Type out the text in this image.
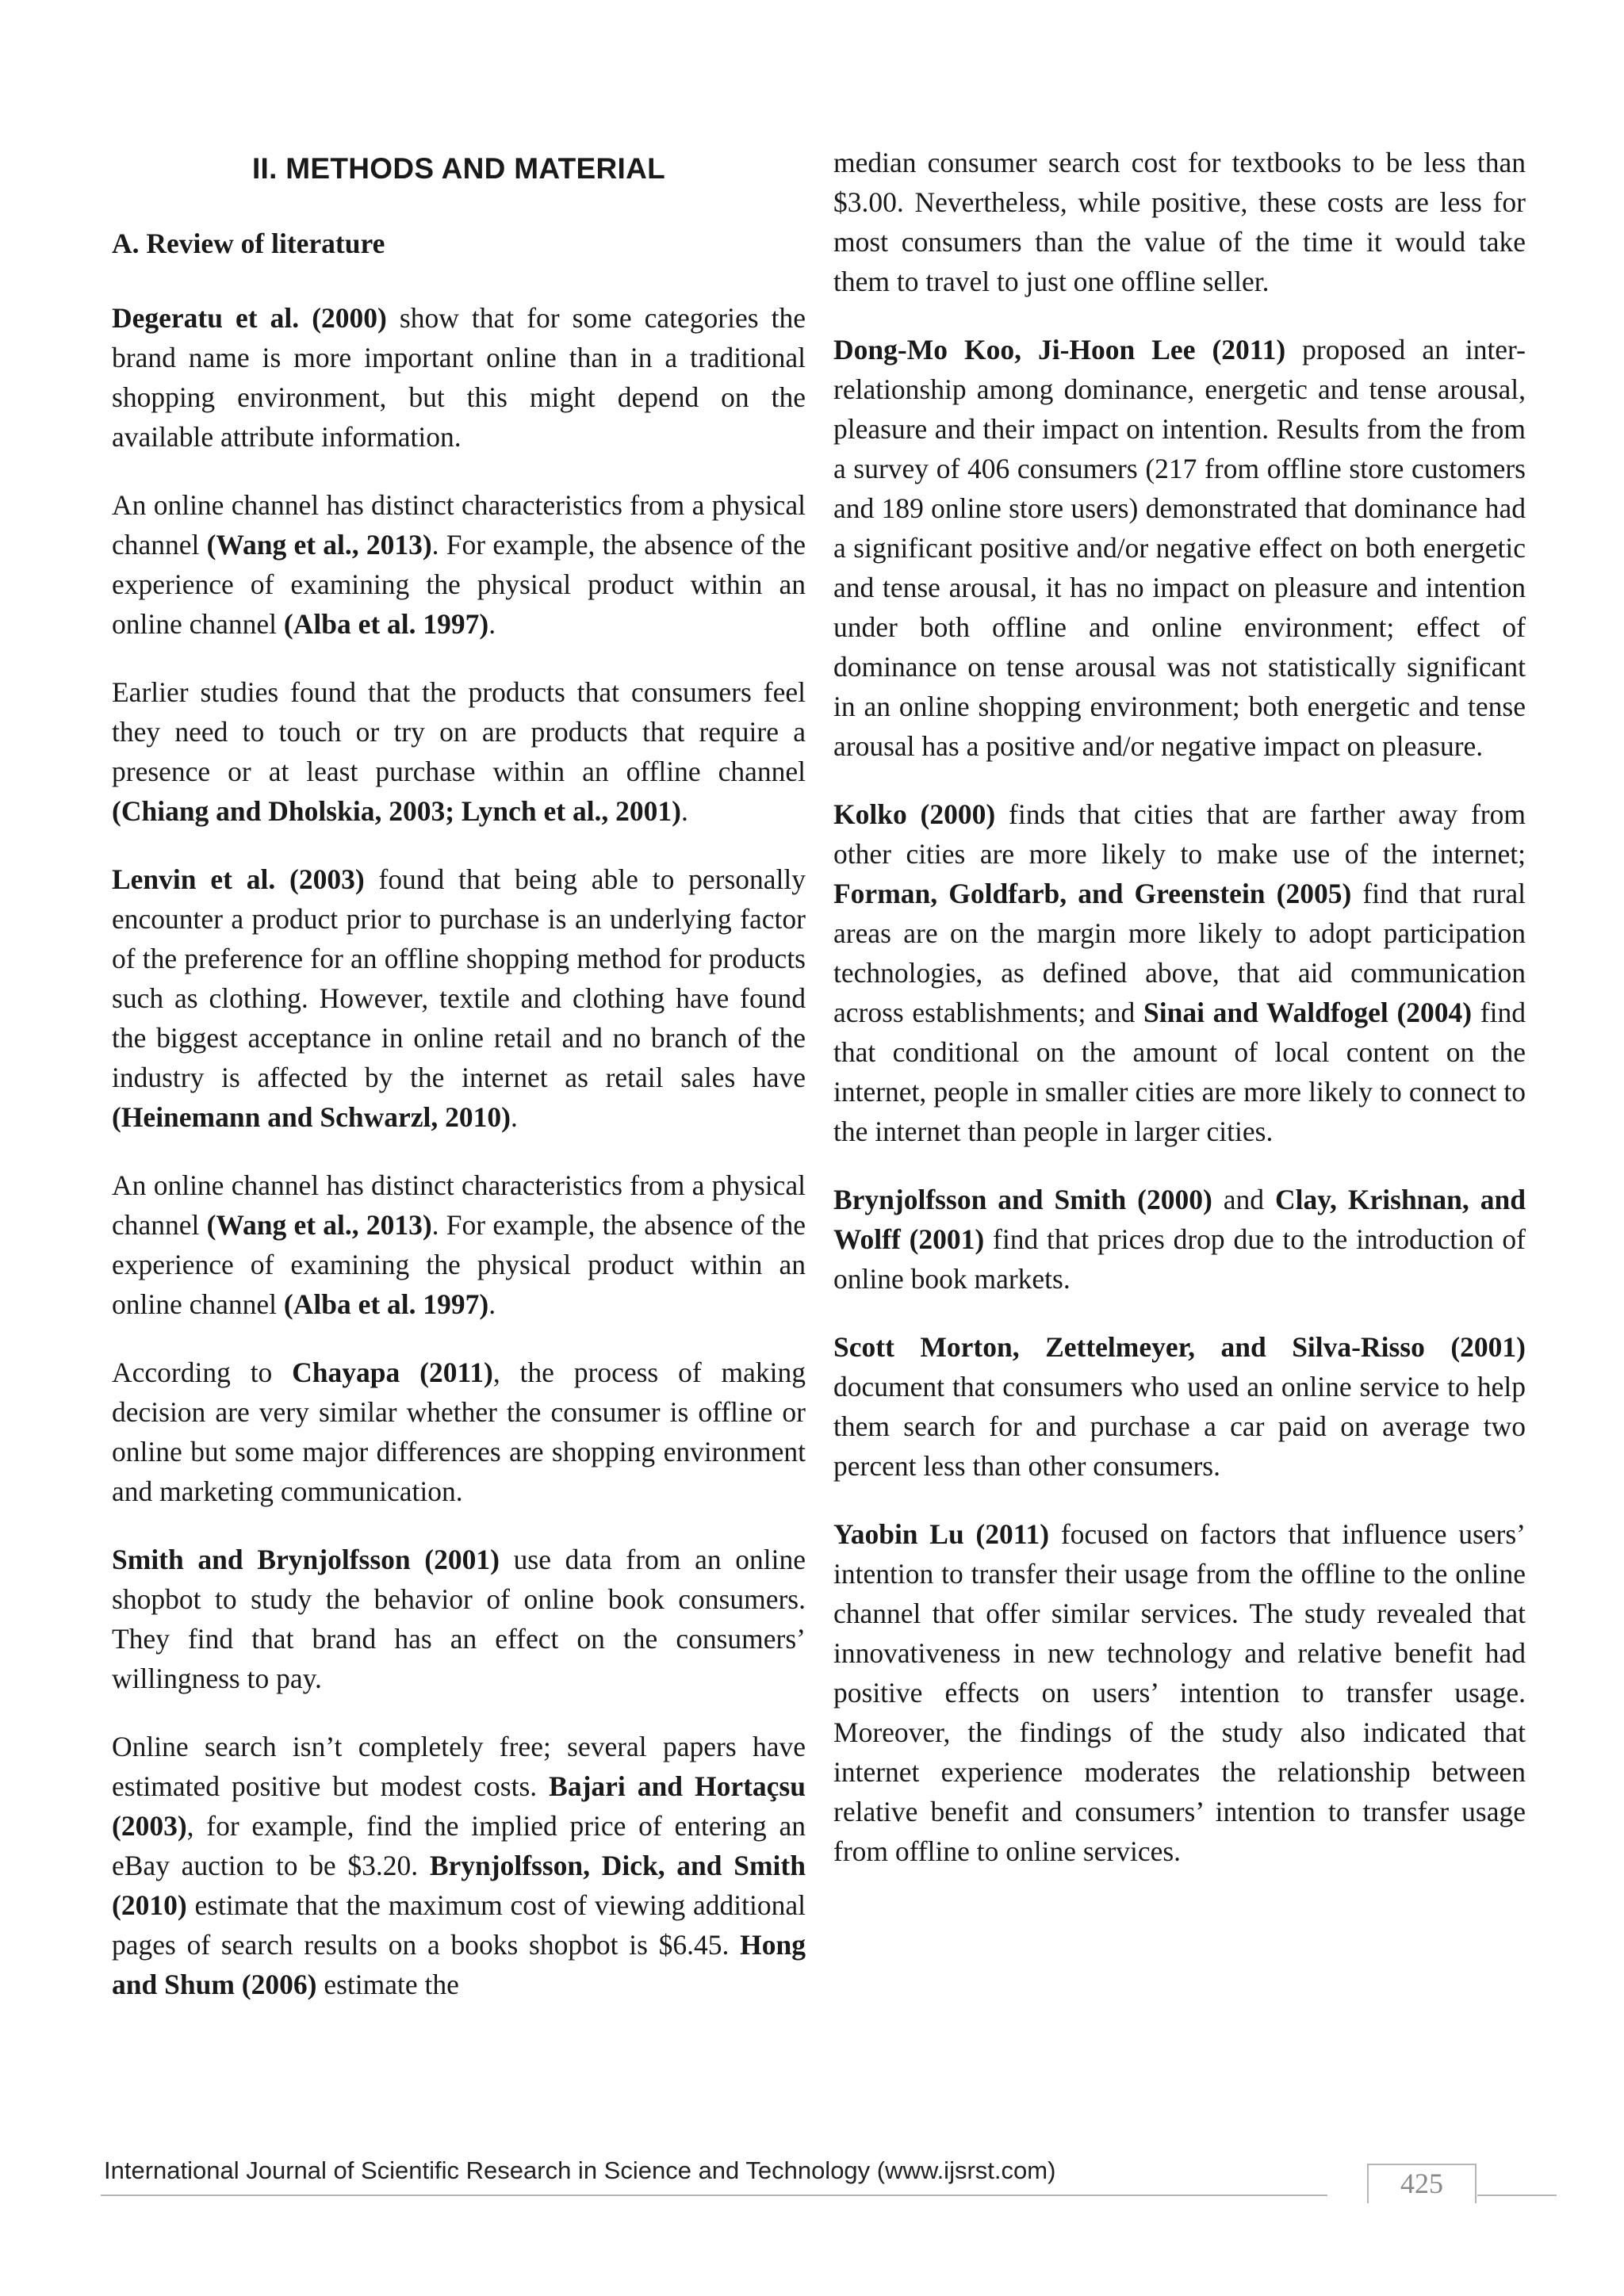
II. METHODS AND MATERIAL
A. Review of literature

Degeratu et al. (2000) show that for some categories the brand name is more important online than in a traditional shopping environment, but this might depend on the available attribute information.

An online channel has distinct characteristics from a physical channel (Wang et al., 2013). For example, the absence of the experience of examining the physical product within an online channel (Alba et al. 1997).

Earlier studies found that the products that consumers feel they need to touch or try on are products that require a presence or at least purchase within an offline channel (Chiang and Dholskia, 2003; Lynch et al., 2001).

Lenvin et al. (2003) found that being able to personally encounter a product prior to purchase is an underlying factor of the preference for an offline shopping method for products such as clothing. However, textile and clothing have found the biggest acceptance in online retail and no branch of the industry is affected by the internet as retail sales have (Heinemann and Schwarzl, 2010).

An online channel has distinct characteristics from a physical channel (Wang et al., 2013). For example, the absence of the experience of examining the physical product within an online channel (Alba et al. 1997).

According to Chayapa (2011), the process of making decision are very similar whether the consumer is offline or online but some major differences are shopping environment and marketing communication.

Smith and Brynjolfsson (2001) use data from an online shopbot to study the behavior of online book consumers. They find that brand has an effect on the consumers’ willingness to pay.

Online search isn’t completely free; several papers have estimated positive but modest costs. Bajari and Hortaçsu (2003), for example, find the implied price of entering an eBay auction to be $3.20. Brynjolfsson, Dick, and Smith (2010) estimate that the maximum cost of viewing additional pages of search results on a books shopbot is $6.45. Hong and Shum (2006) estimate the

median consumer search cost for textbooks to be less than $3.00. Nevertheless, while positive, these costs are less for most consumers than the value of the time it would take them to travel to just one offline seller.

Dong-Mo Koo, Ji-Hoon Lee (2011) proposed an inter-relationship among dominance, energetic and tense arousal, pleasure and their impact on intention. Results from the from a survey of 406 consumers (217 from offline store customers and 189 online store users) demonstrated that dominance had a significant positive and/or negative effect on both energetic and tense arousal, it has no impact on pleasure and intention under both offline and online environment; effect of dominance on tense arousal was not statistically significant in an online shopping environment; both energetic and tense arousal has a positive and/or negative impact on pleasure.

Kolko (2000) finds that cities that are farther away from other cities are more likely to make use of the internet; Forman, Goldfarb, and Greenstein (2005) find that rural areas are on the margin more likely to adopt participation technologies, as defined above, that aid communication across establishments; and Sinai and Waldfogel (2004) find that conditional on the amount of local content on the internet, people in smaller cities are more likely to connect to the internet than people in larger cities.

Brynjolfsson and Smith (2000) and Clay, Krishnan, and Wolff (2001) find that prices drop due to the introduction of online book markets.

Scott Morton, Zettelmeyer, and Silva-Risso (2001) document that consumers who used an online service to help them search for and purchase a car paid on average two percent less than other consumers.

Yaobin Lu (2011) focused on factors that influence users’ intention to transfer their usage from the offline to the online channel that offer similar services. The study revealed that innovativeness in new technology and relative benefit had positive effects on users’ intention to transfer usage. Moreover, the findings of the study also indicated that internet experience moderates the relationship between relative benefit and consumers’ intention to transfer usage from offline to online services.

International Journal of Scientific Research in Science and Technology (www.ijsrst.com)	425
